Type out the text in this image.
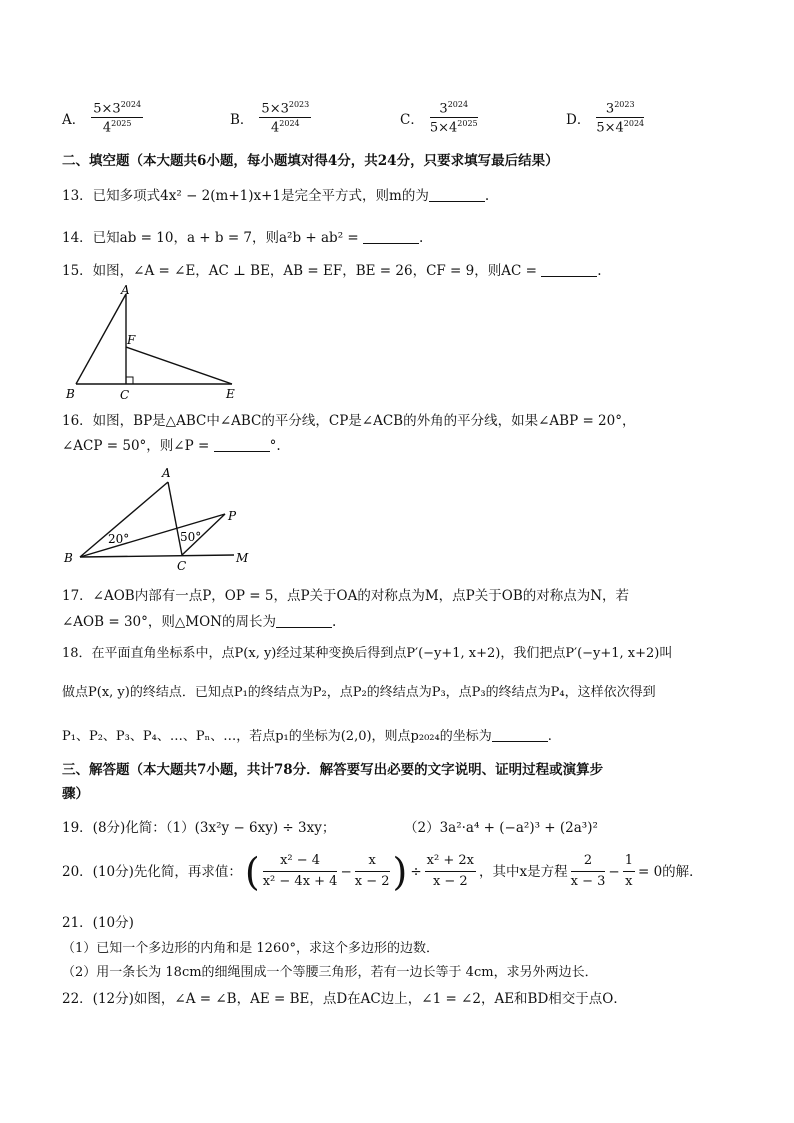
A． $\frac{5\times 3^{2024}}{4^{2025}}$	B． $\frac{5\times 3^{2023}}{4^{2024}}$	C． $\frac{3^{2024}}{5\times 4^{2025}}$	D． $\frac{3^{2023}}{5\times 4^{2024}}$
二、填空题（本大题共6小题，每小题填对得4分，共24分，只要求填写最后结果）
13．已知多项式4x² − 2(m+1)x+1是完全平方式，则m的为	.
14．已知ab = 10，a + b = 7，则a²b + ab² =	.
15．如图，∠A = ∠E，AC ⊥ BE，AB = EF，BE = 26，CF = 9，则AC =	.
A
F
B	C	E
16．如图，BP是△ABC中∠ABC的平分线，CP是∠ACB的外角的平分线，如果∠ABP = 20°，
∠ACP = 50°，则∠P =	°.
A
B
C
P
M
20°	50°
17．∠AOB内部有一点P，OP = 5，点P关于OA的对称点为M，点P关于OB的对称点为N，若
∠AOB = 30°，则△MON的周长为	.
18．在平面直角坐标系中，点P(x, y)经过某种变换后得到点P′(−y+1, x+2)，我们把点P′(−y+1, x+2)叫
做点P(x, y)的终结点．已知点P₁的终结点为P₂，点P₂的终结点为P₃，点P₃的终结点为P₄，这样依次得到
P₁、P₂、P₃、P₄、…、Pₙ、…，若点p₁的坐标为(2,0)，则点p₂₀₂₄的坐标为	.
三、解答题（本大题共7小题，共计78分．解答要写出必要的文字说明、证明过程或演算步
骤）
19．(8分)化简：（1）(3x²y − 6xy) ÷ 3xy；	（2）3a²·a⁴ + (−a²)³ + (2a³)²
20．(10分)先化简，再求值： ( $\frac{\text{x² − 4}}{\text{x² − 4x + 4}} - \frac{x}{x - 2}$ ) ÷ $\frac{\text{x² + 2x}}{x - 2}$ ，其中x是方程 $\frac{2}{x - 3} - \frac{1}{x} = 0$的解．
21．(10分)
（1）已知一个多边形的内角和是 1260°，求这个多边形的边数．
（2）用一条长为 18cm的细绳围成一个等腰三角形，若有一边长等于 4cm，求另外两边长．
22．(12分)如图，∠A = ∠B，AE = BE，点D在AC边上，∠1 = ∠2，AE和BD相交于点O．
